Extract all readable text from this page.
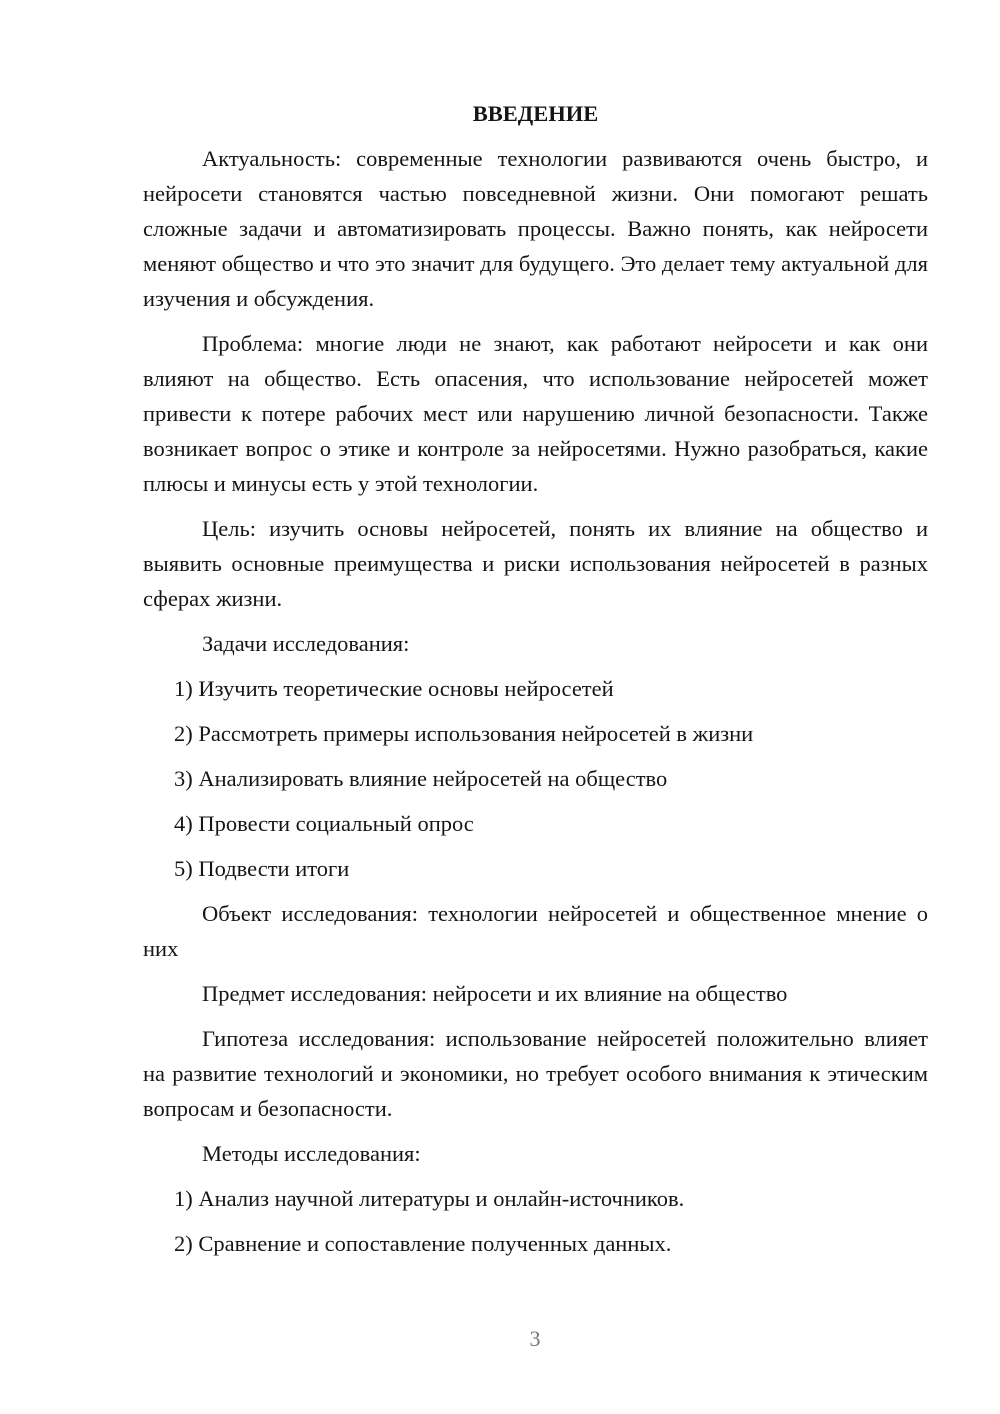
ВВЕДЕНИЕ
Актуальность: современные технологии развиваются очень быстро, и нейросети становятся частью повседневной жизни. Они помогают решать сложные задачи и автоматизировать процессы. Важно понять, как нейросети меняют общество и что это значит для будущего. Это делает тему актуальной для изучения и обсуждения.
Проблема: многие люди не знают, как работают нейросети и как они влияют на общество. Есть опасения, что использование нейросетей может привести к потере рабочих мест или нарушению личной безопасности. Также возникает вопрос о этике и контроле за нейросетями. Нужно разобраться, какие плюсы и минусы есть у этой технологии.
Цель: изучить основы нейросетей, понять их влияние на общество и выявить основные преимущества и риски использования нейросетей в разных сферах жизни.
Задачи исследования:
1) Изучить теоретические основы нейросетей
2) Рассмотреть примеры использования нейросетей в жизни
3) Анализировать влияние нейросетей на общество
4) Провести социальный опрос
5) Подвести итоги
Объект исследования: технологии нейросетей и общественное мнение о них
Предмет исследования: нейросети и их влияние на общество
Гипотеза исследования: использование нейросетей положительно влияет на развитие технологий и экономики, но требует особого внимания к этическим вопросам и безопасности.
Методы исследования:
1) Анализ научной литературы и онлайн-источников.
2) Сравнение и сопоставление полученных данных.
3
